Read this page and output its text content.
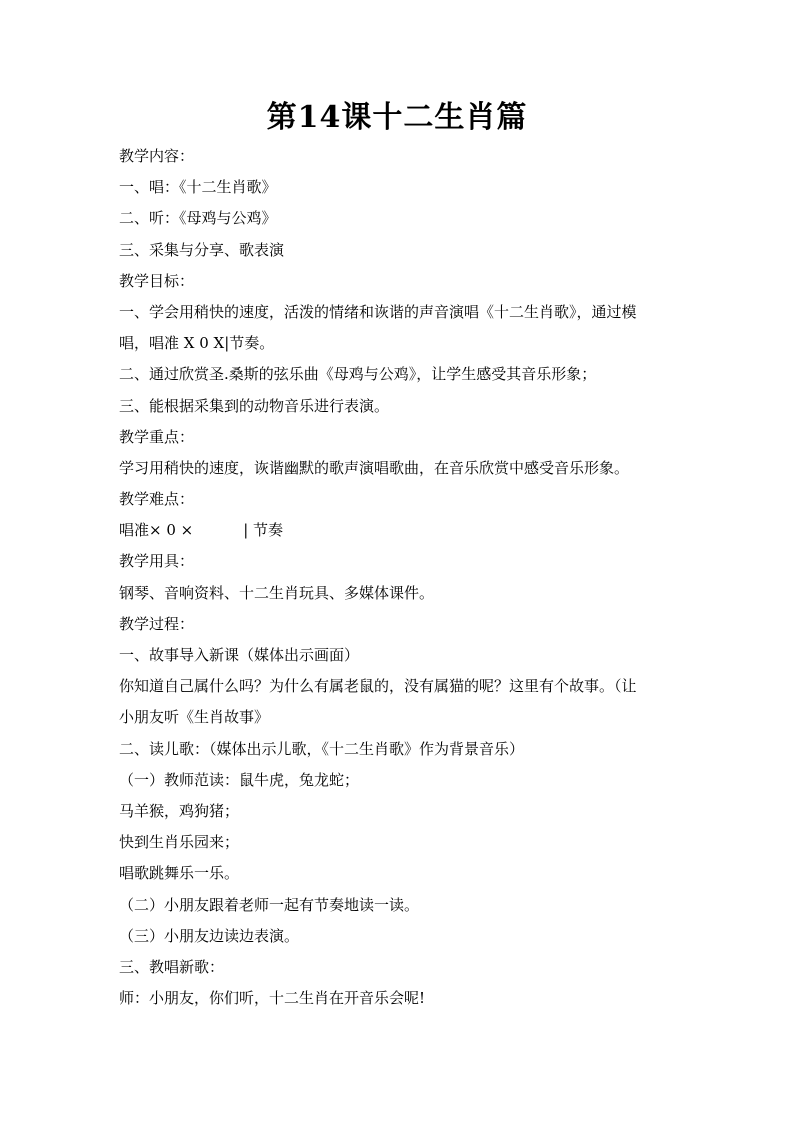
第14课十二生肖篇

教学内容：

一、唱：《十二生肖歌》

二、听：《母鸡与公鸡》

三、采集与分享、歌表演

教学目标：

一、学会用稍快的速度，活泼的情绪和诙谐的声音演唱《十二生肖歌》，通过模

唱，唱准 X 0 X|节奏。

二、通过欣赏圣.桑斯的弦乐曲《母鸡与公鸡》，让学生感受其音乐形象；

三、能根据采集到的动物音乐进行表演。

教学重点：

学习用稍快的速度，诙谐幽默的歌声演唱歌曲，在音乐欣赏中感受音乐形象。

教学难点：

唱准× 0 ×	| 节奏

教学用具：

钢琴、音响资料、十二生肖玩具、多媒体课件。

教学过程：

一、故事导入新课（媒体出示画面）

你知道自己属什么吗？为什么有属老鼠的，没有属猫的呢？这里有个故事。（让

小朋友听《生肖故事》

二、读儿歌：（媒体出示儿歌，《十二生肖歌》作为背景音乐）

（一）教师范读：鼠牛虎，兔龙蛇；

马羊猴，鸡狗猪；

快到生肖乐园来；

唱歌跳舞乐一乐。

（二）小朋友跟着老师一起有节奏地读一读。

（三）小朋友边读边表演。

三、教唱新歌：

师：小朋友，你们听，十二生肖在开音乐会呢!
